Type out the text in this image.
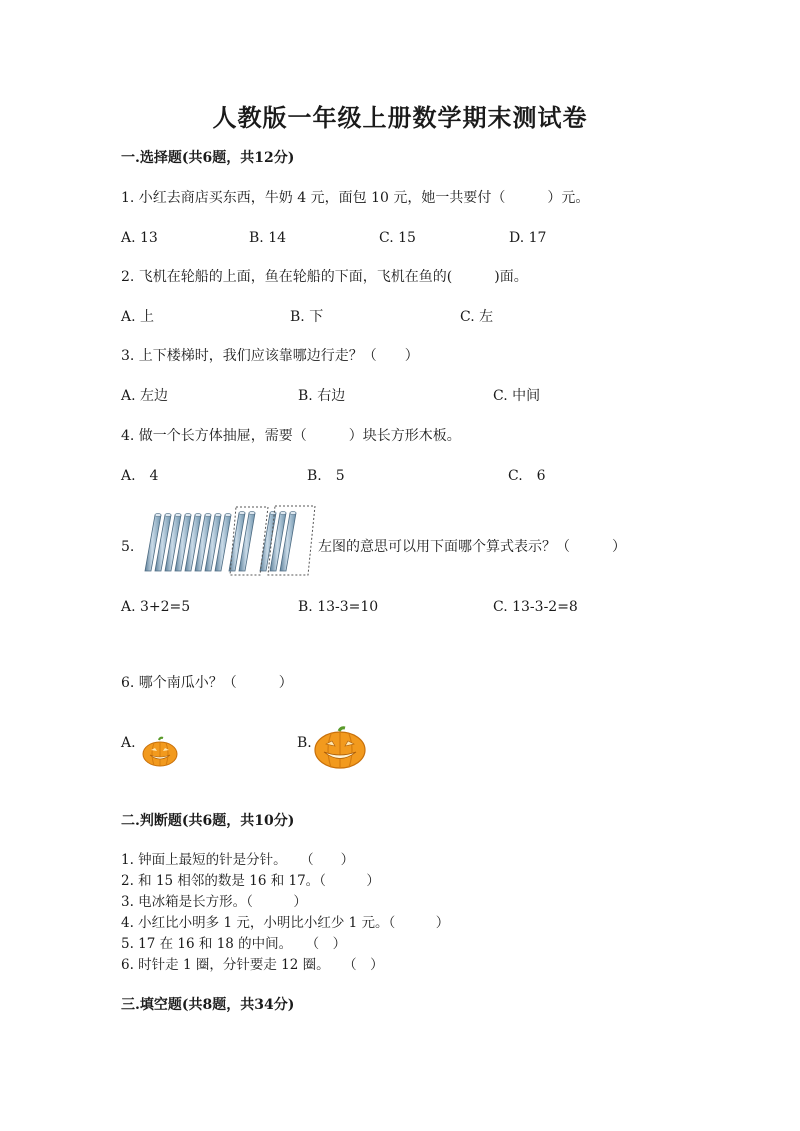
人教版一年级上册数学期末测试卷
一.选择题(共6题，共12分)
1. 小红去商店买东西，牛奶 4 元，面包 10 元，她一共要付（　　　）元。
A. 13	B. 14	C. 15	D. 17
2. 飞机在轮船的上面，鱼在轮船的下面，飞机在鱼的(　　　)面。
A. 上	B. 下	C. 左
3. 上下楼梯时，我们应该靠哪边行走？（　　）
A. 左边	B. 右边	C. 中间
4. 做一个长方体抽屉，需要（　　　）块长方形木板。
A.　4	B.　5	C.　6
5.	左图的意思可以用下面哪个算式表示？（　　　）
A. 3+2=5	B. 13-3=10	C. 13-3-2=8
6. 哪个南瓜小？（　　　）
A.	B.
二.判断题(共6题，共10分)
1. 钟面上最短的针是分针。　　（　　）
2. 和 15 相邻的数是 16 和 17。（　　　）
3. 电冰箱是长方形。（　　　）
4. 小红比小明多 1 元，小明比小红少 1 元。（　　　）
5. 17 在 16 和 18 的中间。　　（　）
6. 时针走 1 圈，分针要走 12 圈。　　（　）
三.填空题(共8题，共34分)
